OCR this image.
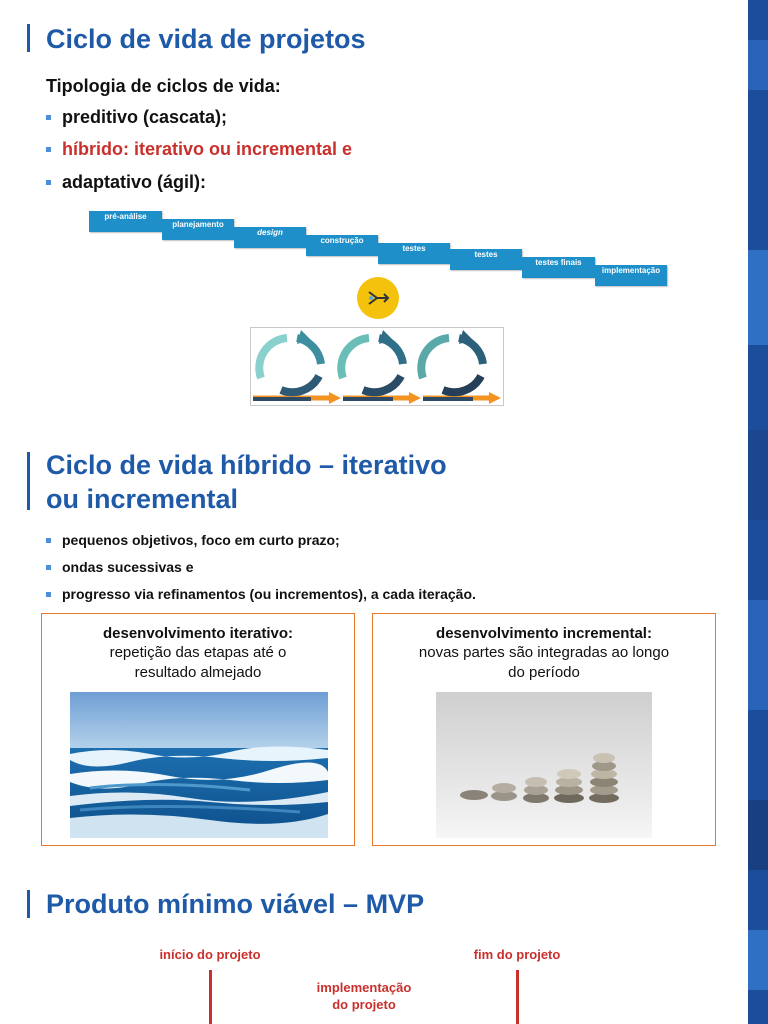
Ciclo de vida de projetos
Tipologia de ciclos de vida:
preditivo (cascata);
híbrido: iterativo ou incremental e
adaptativo (ágil):
pré-análise
planejamento
design
construção
testes
testes
testes finais
implementação
Ciclo de vida híbrido – iterativo
ou incremental
pequenos objetivos, foco em curto prazo;
ondas sucessivas e
progresso via refinamentos (ou incrementos), a cada iteração.
desenvolvimento iterativo:
repetição das etapas até o
resultado almejado
desenvolvimento incremental:
novas partes são integradas ao longo
do período
Produto mínimo viável – MVP
início do projeto	fim do projeto
implementação
do projeto
